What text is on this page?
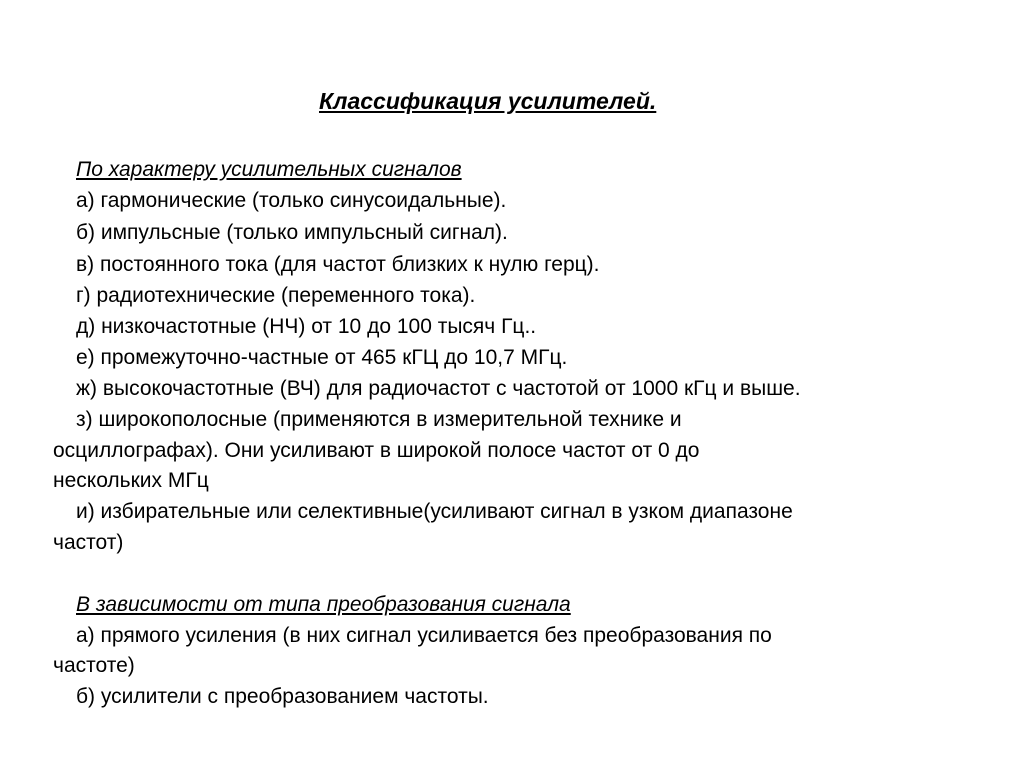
Классификация усилителей.
По характеру усилительных сигналов
а) гармонические (только синусоидальные).
б) импульсные (только импульсный сигнал).
в) постоянного тока (для частот близких к нулю герц).
г) радиотехнические (переменного тока).
д) низкочастотные (НЧ) от 10 до 100 тысяч Гц..
е) промежуточно-частные от 465 кГЦ до 10,7 МГц.
ж) высокочастотные (ВЧ) для радиочастот с частотой от 1000 кГц и выше.
з) широкополосные (применяются в измерительной технике и
осциллографах). Они усиливают в широкой полосе частот от 0 до
нескольких МГц
и) избирательные или селективные(усиливают сигнал в узком диапазоне
частот)
В зависимости от типа преобразования сигнала
а) прямого усиления (в них сигнал усиливается без преобразования по
частоте)
б) усилители с преобразованием частоты.
